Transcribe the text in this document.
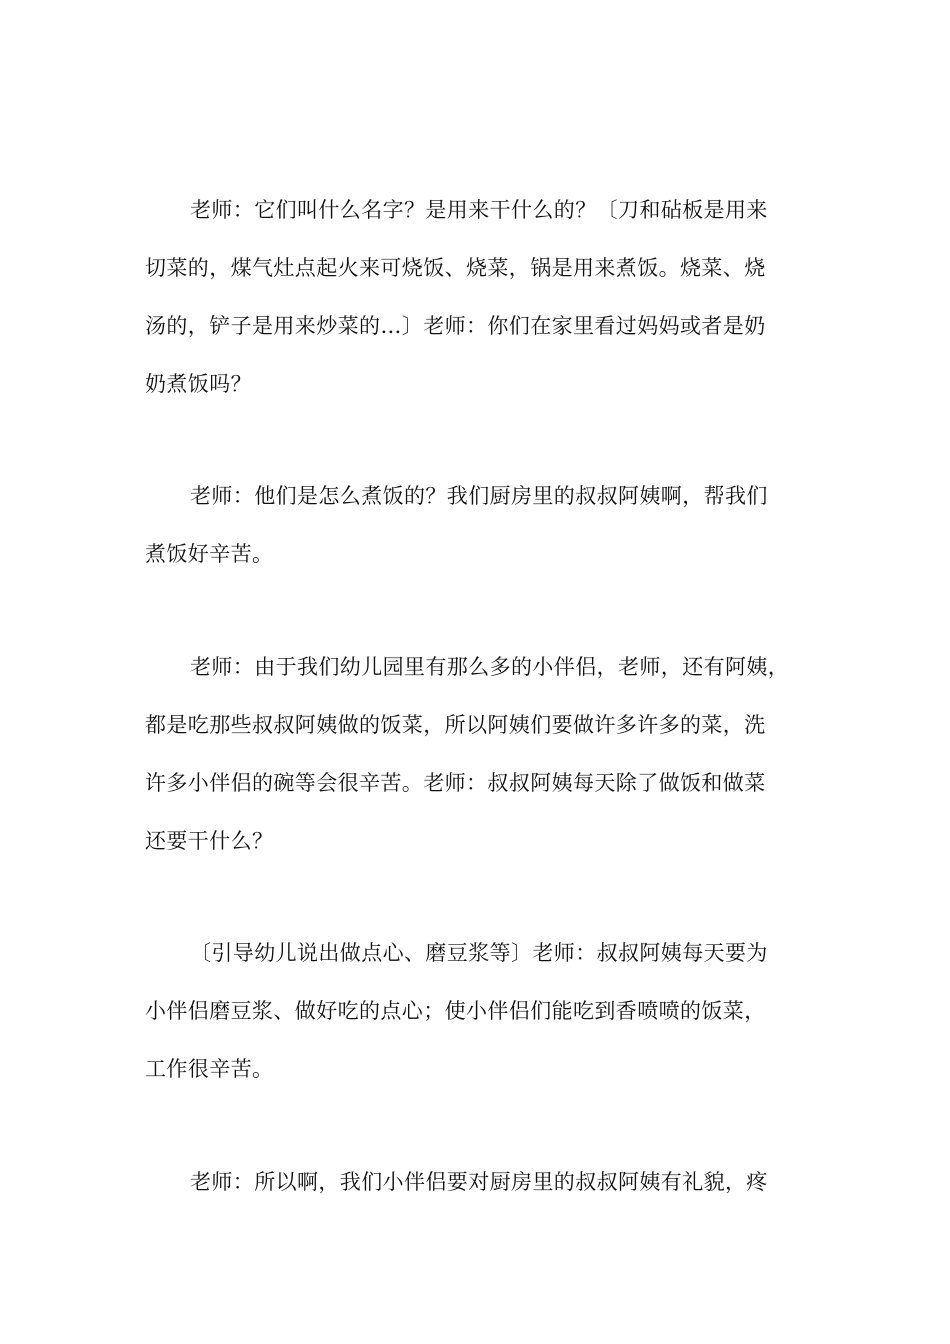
老师：它们叫什么名字？是用来干什么的？〔刀和砧板是用来
切菜的，煤气灶点起火来可烧饭、烧菜，锅是用来煮饭。烧菜、烧
汤的，铲子是用来炒菜的…〕老师：你们在家里看过妈妈或者是奶
奶煮饭吗？
老师：他们是怎么煮饭的？我们厨房里的叔叔阿姨啊，帮我们
煮饭好辛苦。
老师：由于我们幼儿园里有那么多的小伴侣，老师，还有阿姨，
都是吃那些叔叔阿姨做的饭菜，所以阿姨们要做许多许多的菜，洗
许多小伴侣的碗等会很辛苦。老师：叔叔阿姨每天除了做饭和做菜
还要干什么？
〔引导幼儿说出做点心、磨豆浆等〕老师：叔叔阿姨每天要为
小伴侣磨豆浆、做好吃的点心；使小伴侣们能吃到香喷喷的饭菜，
工作很辛苦。
老师：所以啊，我们小伴侣要对厨房里的叔叔阿姨有礼貌，疼
